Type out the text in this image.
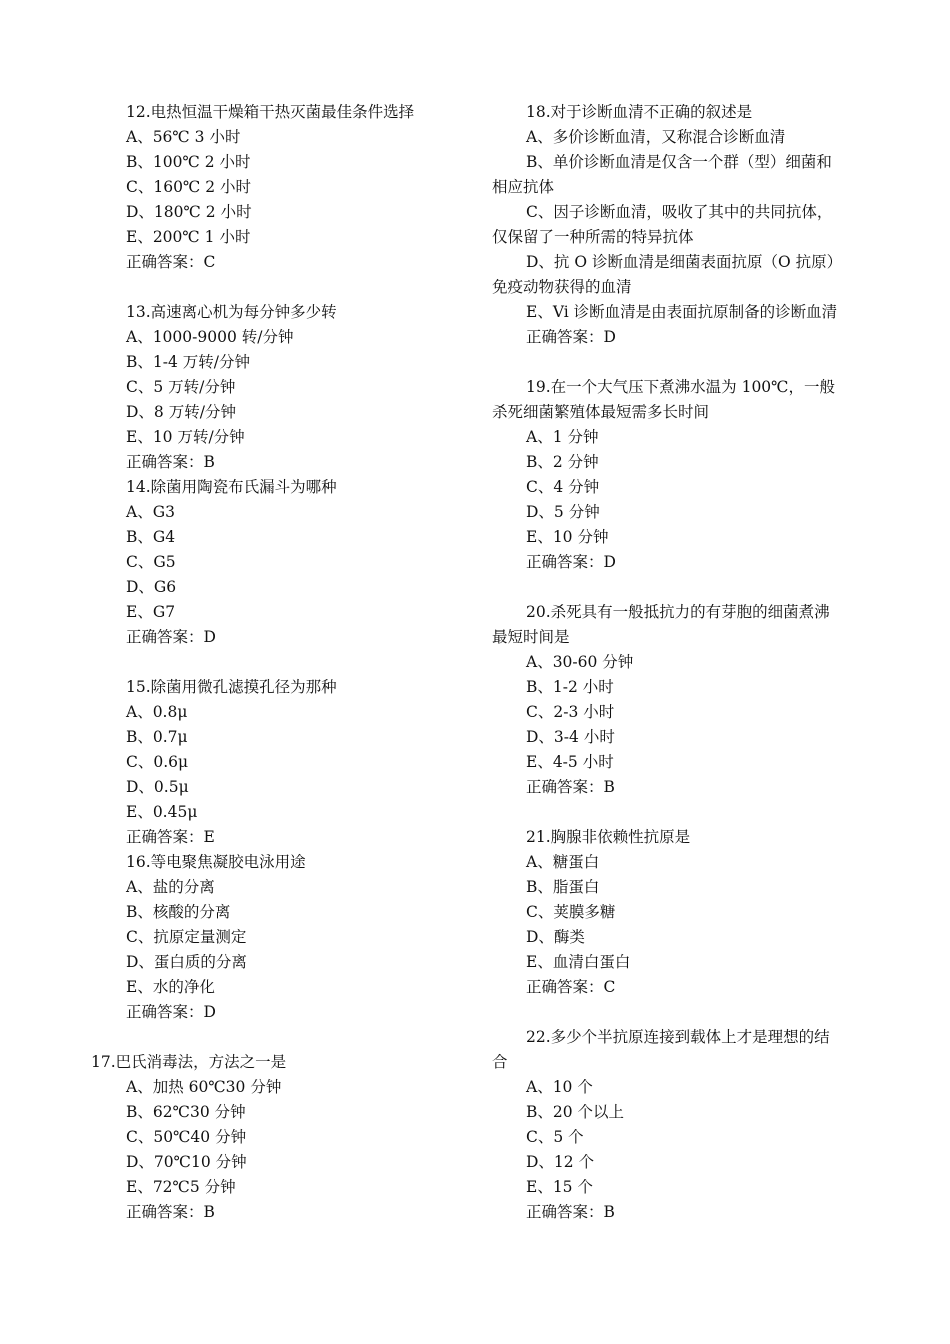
12.电热恒温干燥箱干热灭菌最佳条件选择
A、56℃ 3 小时
B、100℃ 2 小时
C、160℃ 2 小时
D、180℃ 2 小时
E、200℃ 1 小时
正确答案：C
13.高速离心机为每分钟多少转
A、1000-9000 转/分钟
B、1-4 万转/分钟
C、5 万转/分钟
D、8 万转/分钟
E、10 万转/分钟
正确答案：B
14.除菌用陶瓷布氏漏斗为哪种
A、G3
B、G4
C、G5
D、G6
E、G7
正确答案：D
15.除菌用微孔滤摸孔径为那种
A、0.8μ
B、0.7μ
C、0.6μ
D、0.5μ
E、0.45μ
正确答案：E
16.等电聚焦凝胶电泳用途
A、盐的分离
B、核酸的分离
C、抗原定量测定
D、蛋白质的分离
E、水的净化
正确答案：D
17.巴氏消毒法，方法之一是
A、加热 60℃30 分钟
B、62℃30 分钟
C、50℃40 分钟
D、70℃10 分钟
E、72℃5 分钟
正确答案：B
18.对于诊断血清不正确的叙述是
A、多价诊断血清，又称混合诊断血清
B、单价诊断血清是仅含一个群（型）细菌和
相应抗体
C、因子诊断血清，吸收了其中的共同抗体，
仅保留了一种所需的特异抗体
D、抗 O 诊断血清是细菌表面抗原（O 抗原）
免疫动物获得的血清
E、Vi 诊断血清是由表面抗原制备的诊断血清
正确答案：D
19.在一个大气压下煮沸水温为 100℃，一般
杀死细菌繁殖体最短需多长时间
A、1 分钟
B、2 分钟
C、4 分钟
D、5 分钟
E、10 分钟
正确答案：D
20.杀死具有一般抵抗力的有芽胞的细菌煮沸
最短时间是
A、30-60 分钟
B、1-2 小时
C、2-3 小时
D、3-4 小时
E、4-5 小时
正确答案：B
21.胸腺非依赖性抗原是
A、糖蛋白
B、脂蛋白
C、荚膜多糖
D、酶类
E、血清白蛋白
正确答案：C
22.多少个半抗原连接到载体上才是理想的结
合
A、10 个
B、20 个以上
C、5 个
D、12 个
E、15 个
正确答案：B
